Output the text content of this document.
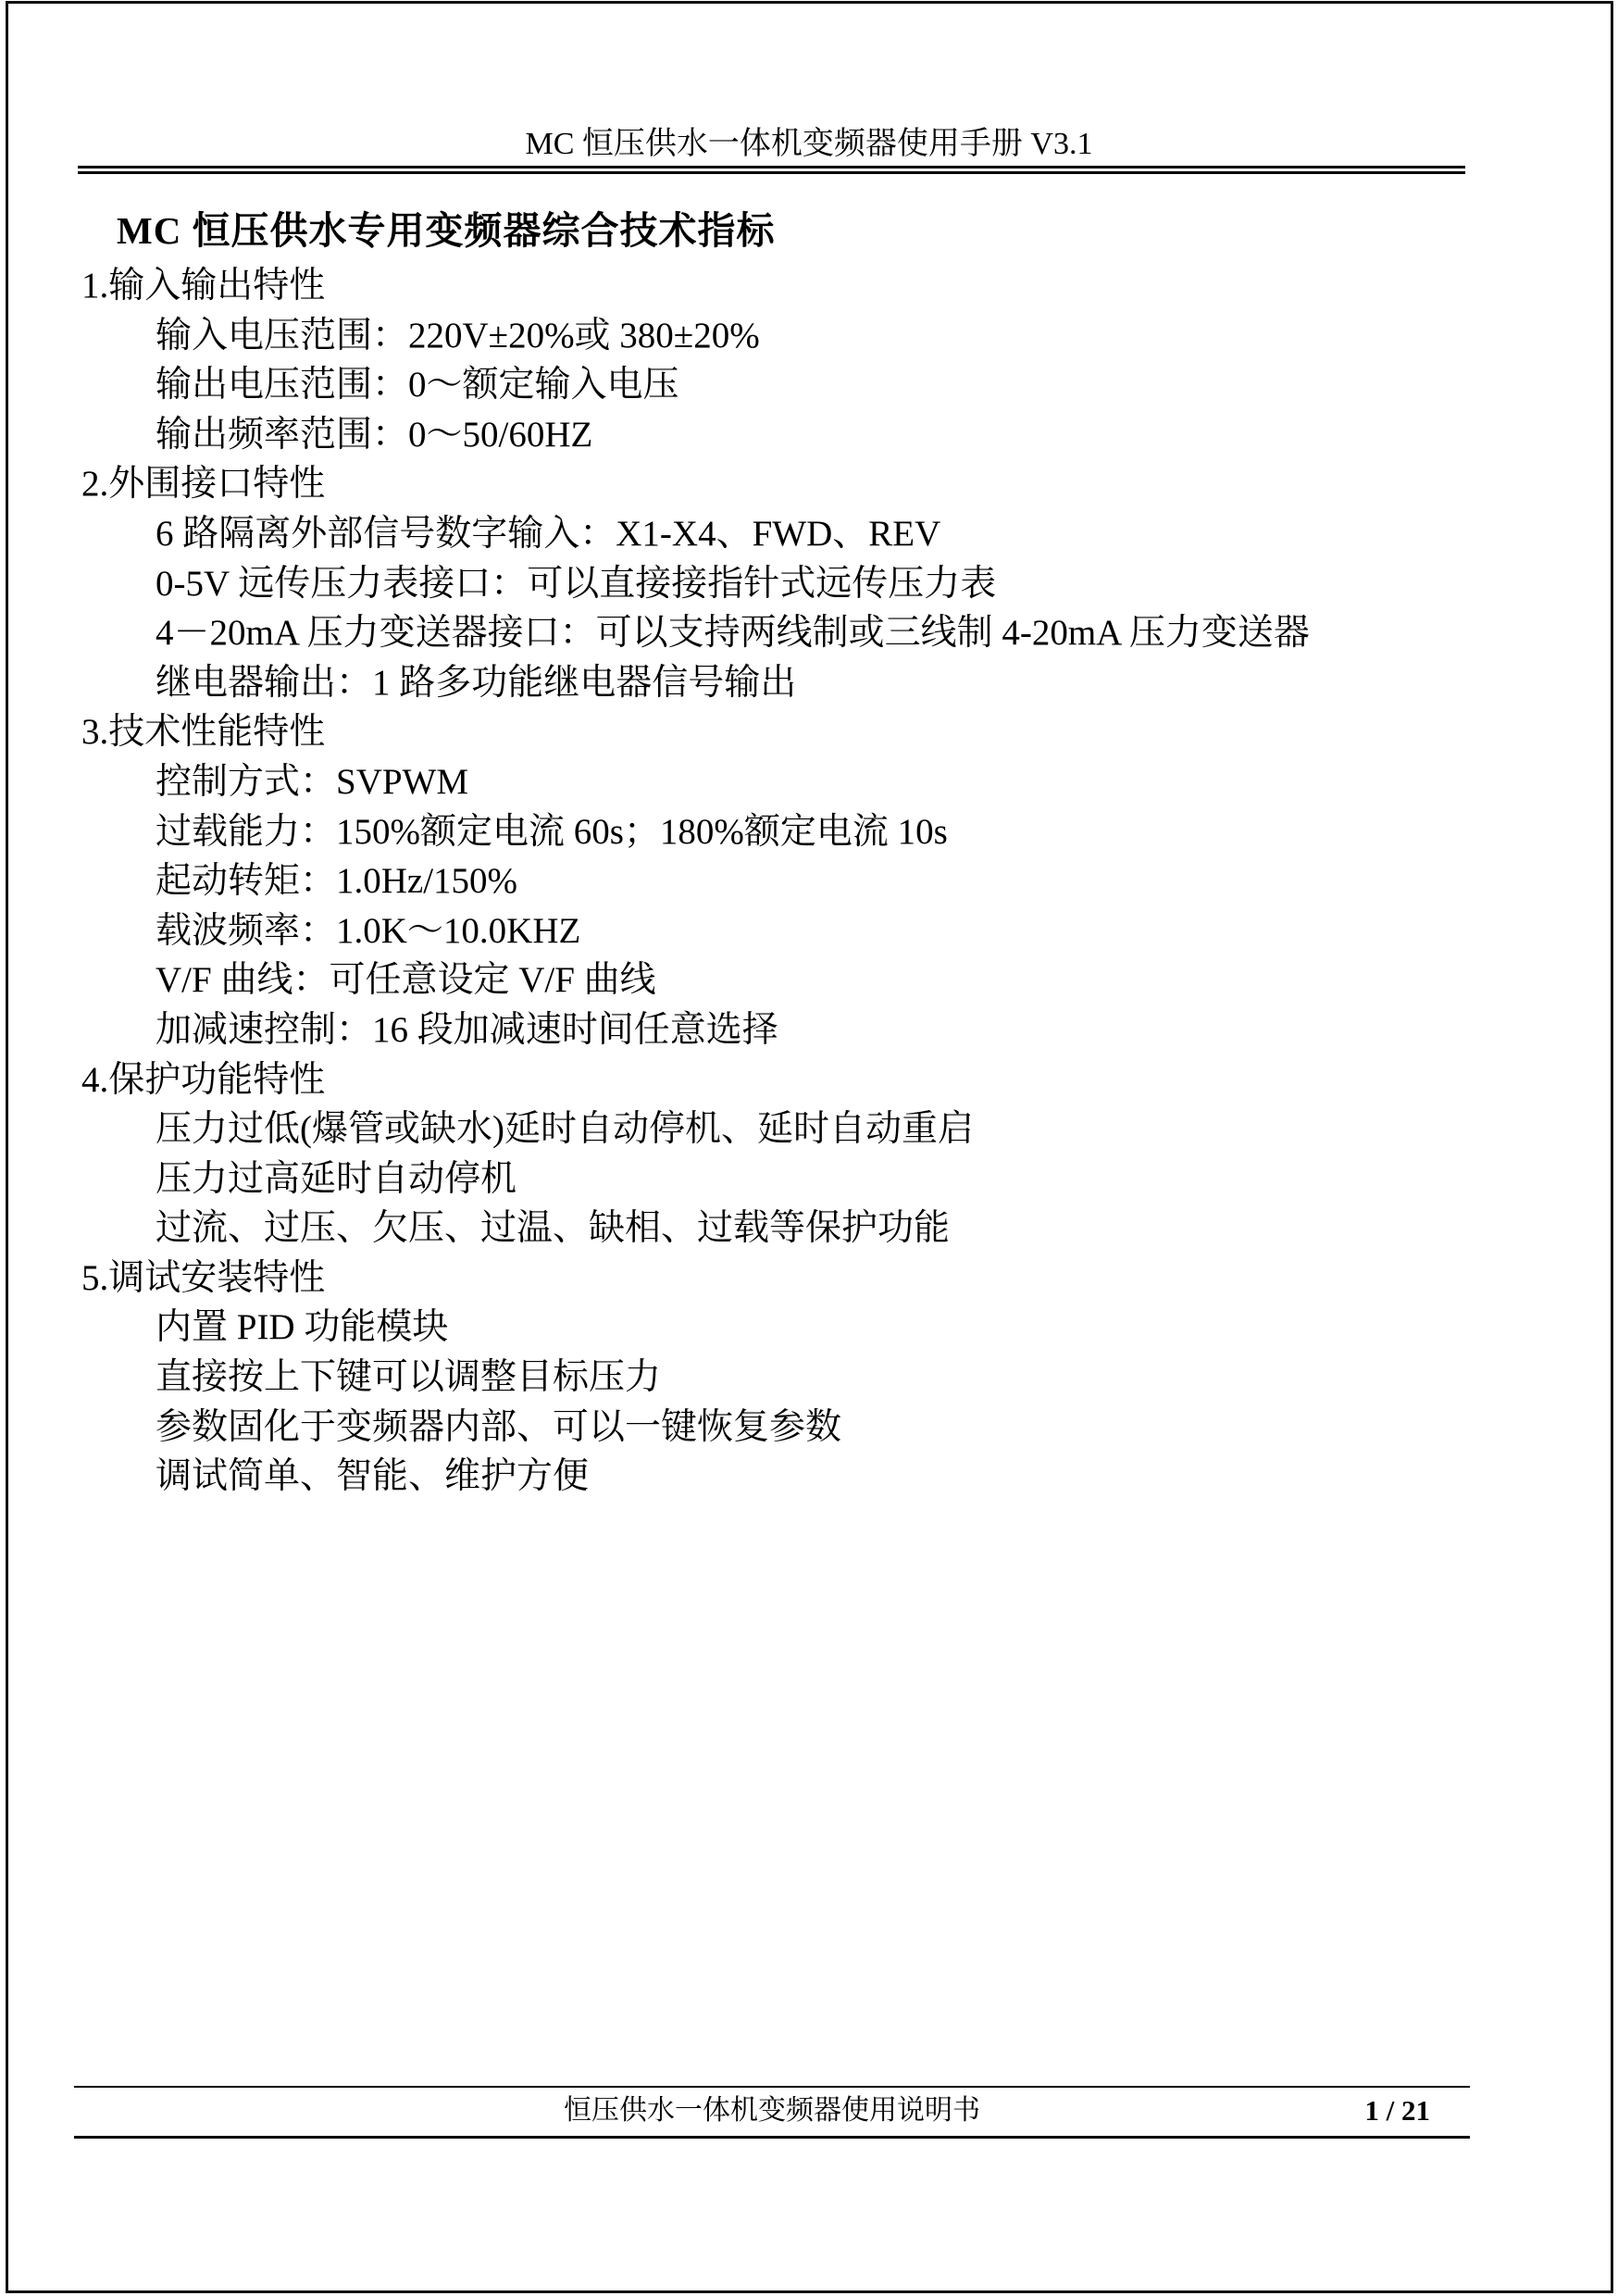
MC 恒压供水一体机变频器使用手册 V3.1
MC 恒压供水专用变频器综合技术指标
1.输入输出特性
输入电压范围：220V±20%或 380±20%
输出电压范围：0～额定输入电压
输出频率范围：0～50/60HZ
2.外围接口特性
6 路隔离外部信号数字输入：X1-X4、FWD、REV
0-5V 远传压力表接口：可以直接接指针式远传压力表
4－20mA 压力变送器接口：可以支持两线制或三线制 4-20mA 压力变送器
继电器输出：1 路多功能继电器信号输出
3.技术性能特性
控制方式：SVPWM
过载能力：150%额定电流 60s；180%额定电流 10s
起动转矩：1.0Hz/150%
载波频率：1.0K～10.0KHZ
V/F 曲线：可任意设定 V/F 曲线
加减速控制：16 段加减速时间任意选择
4.保护功能特性
压力过低(爆管或缺水)延时自动停机、延时自动重启
压力过高延时自动停机
过流、过压、欠压、过温、缺相、过载等保护功能
5.调试安装特性
内置 PID 功能模块
直接按上下键可以调整目标压力
参数固化于变频器内部、可以一键恢复参数
调试简单、智能、维护方便
恒压供水一体机变频器使用说明书	1 / 21
